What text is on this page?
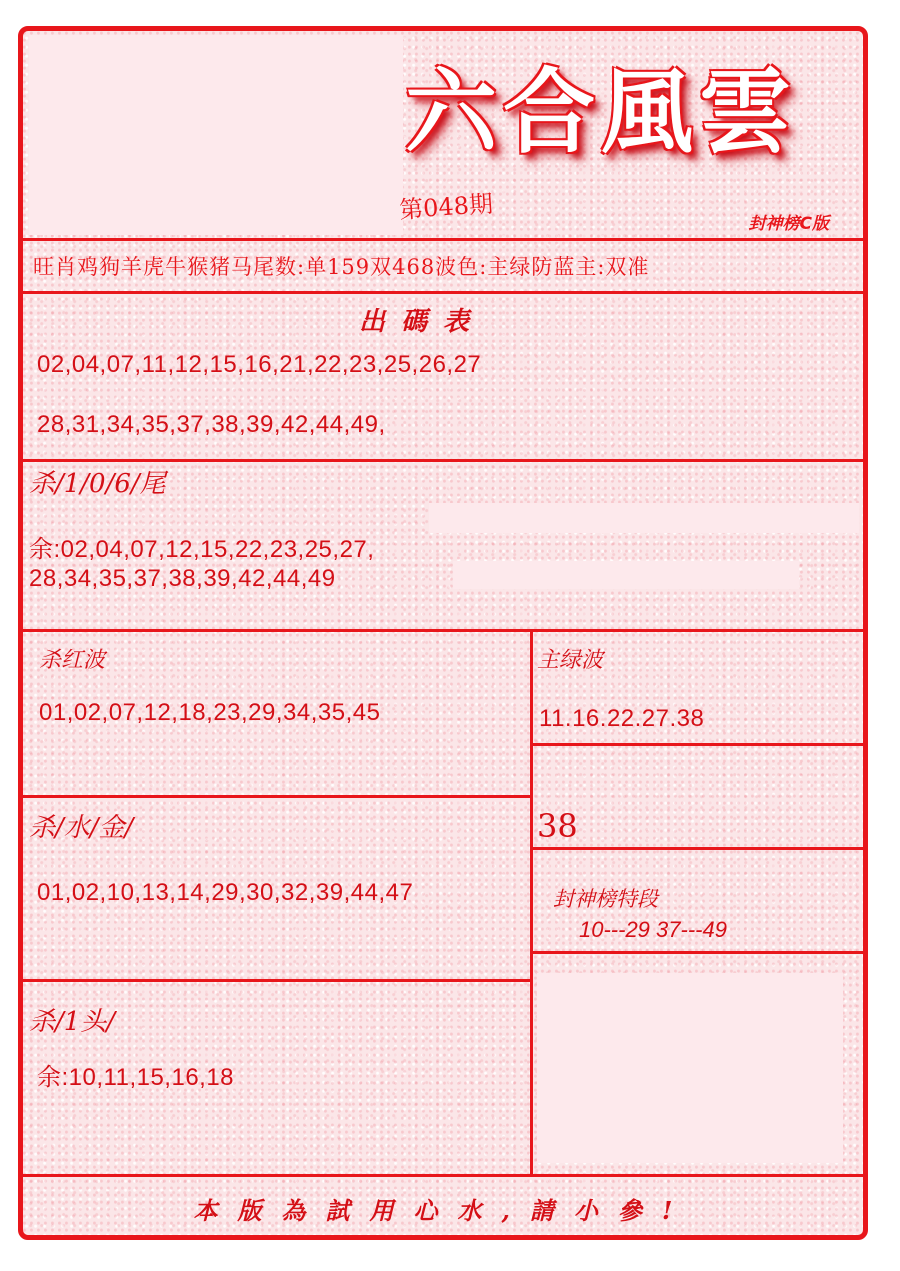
六合風雲
第048期	封神榜C版
旺肖鸡狗羊虎牛猴猪马尾数:单159双468波色:主绿防蓝主:双准
出碼表
02,04,07,11,12,15,16,21,22,23,25,26,27
28,31,34,35,37,38,39,42,44,49,
杀/1/0/6/尾
余:02,04,07,12,15,22,23,25,27,
28,34,35,37,38,39,42,44,49
杀红波
01,02,07,12,18,23,29,34,35,45
主绿波
11.16.22.27.38
38
杀/水/金/
01,02,10,13,14,29,30,32,39,44,47	封神榜特段
10---29 37---49
杀/1头/
余:10,11,15,16,18
本版為試用心水,請小參!
